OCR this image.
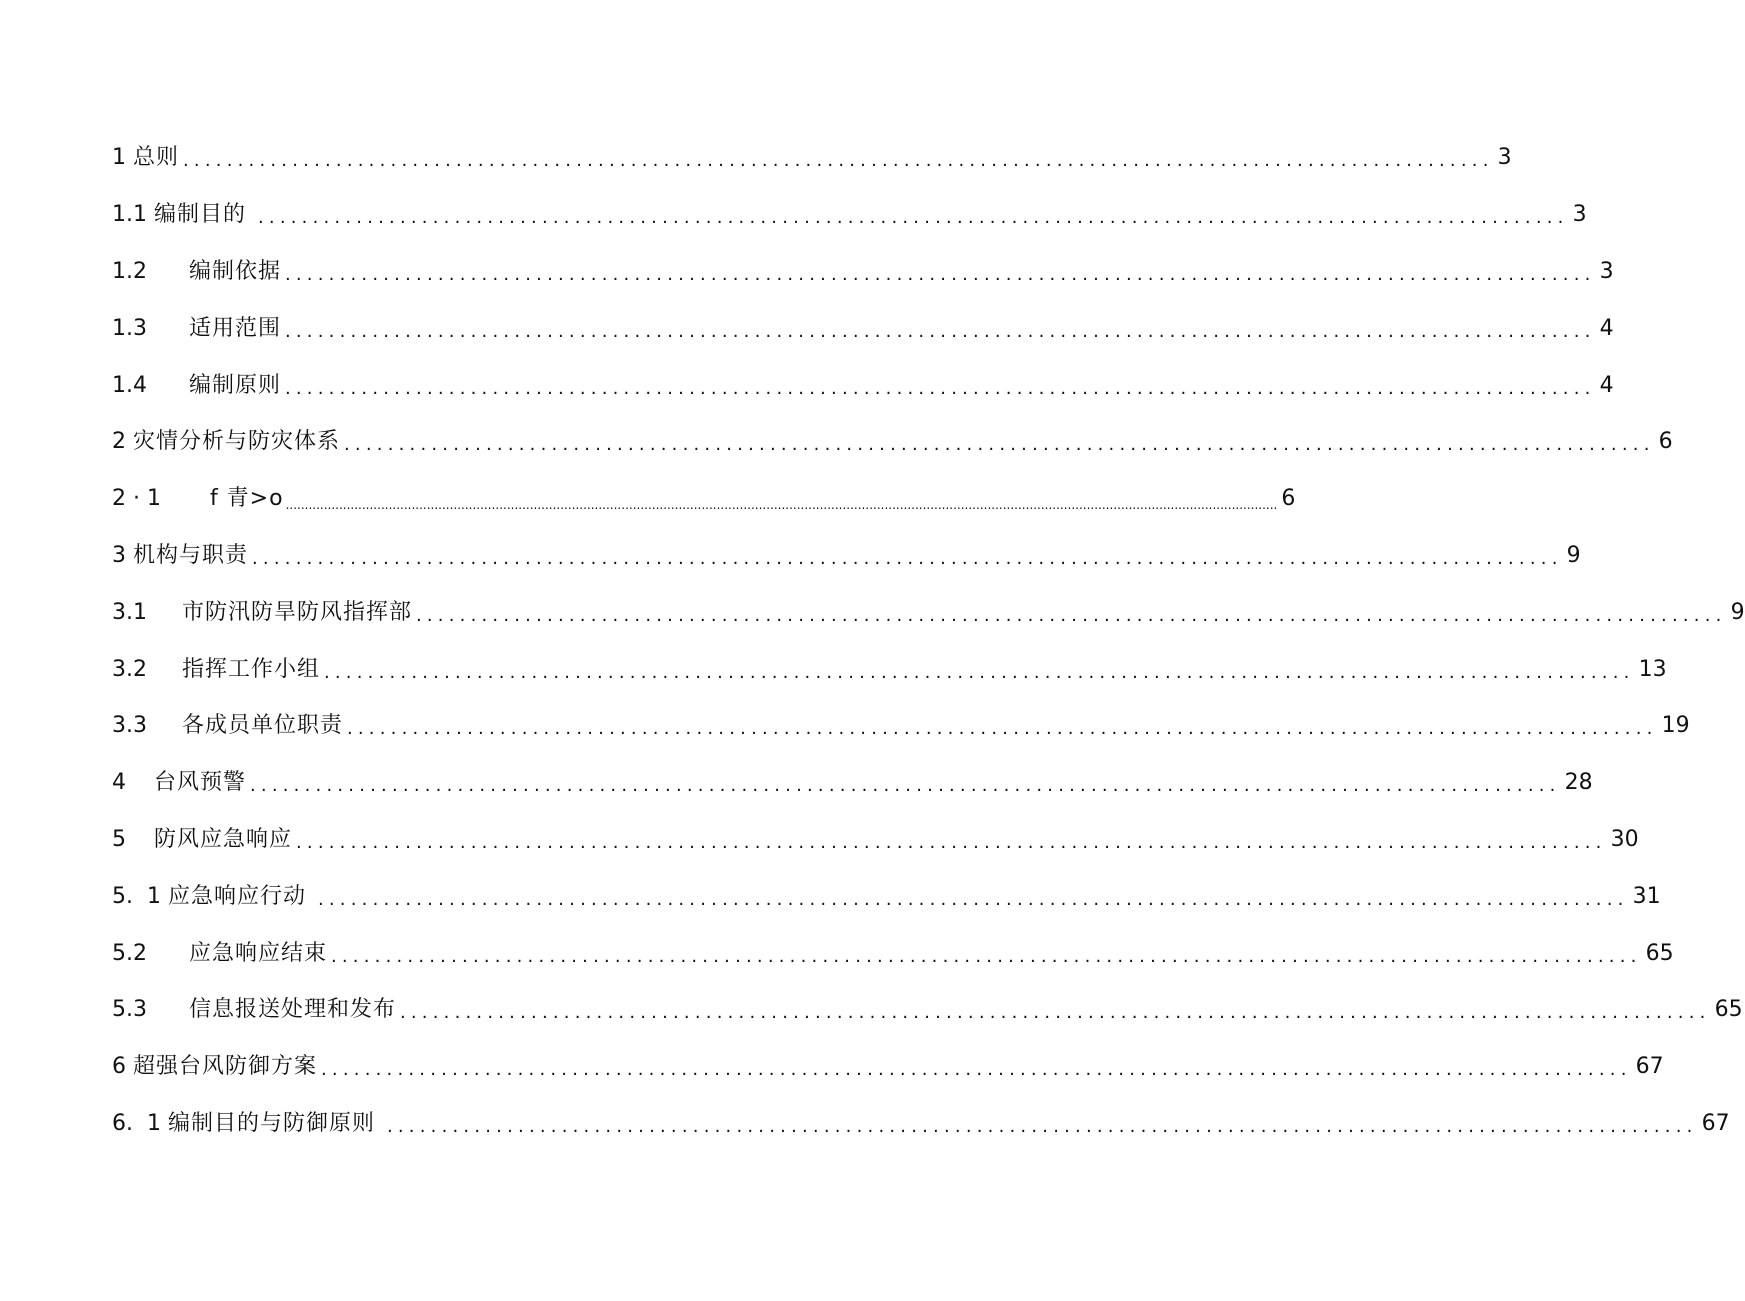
1 总则 ........................................................................................................................ 3
1.1 编制目的 ........................................................................................................................ 3
1.2 编制依据 ........................................................................................................................ 3
1.3 适用范围 ........................................................................................................................ 4
1.4 编制原则 ........................................................................................................................ 4
2 灾情分析与防灾体系 ........................................................................................................................ 6
2 · 1 f 青>o .................................................................................................................................................................................................................................................................... 6
3 机构与职责 ........................................................................................................................ 9
3.1 市防汛防旱防风指挥部 ........................................................................................................................ 9
3.2 指挥工作小组 ........................................................................................................................ 13
3.3 各成员单位职责 ........................................................................................................................ 19
4 台风预警 ........................................................................................................................ 28
5 防风应急响应 ........................................................................................................................ 30
5.  1 应急响应行动 ........................................................................................................................ 31
5.2 应急响应结束 ........................................................................................................................ 65
5.3 信息报送处理和发布 ........................................................................................................................ 65
6 超强台风防御方案 ........................................................................................................................ 67
6.  1 编制目的与防御原则 ........................................................................................................................ 67
